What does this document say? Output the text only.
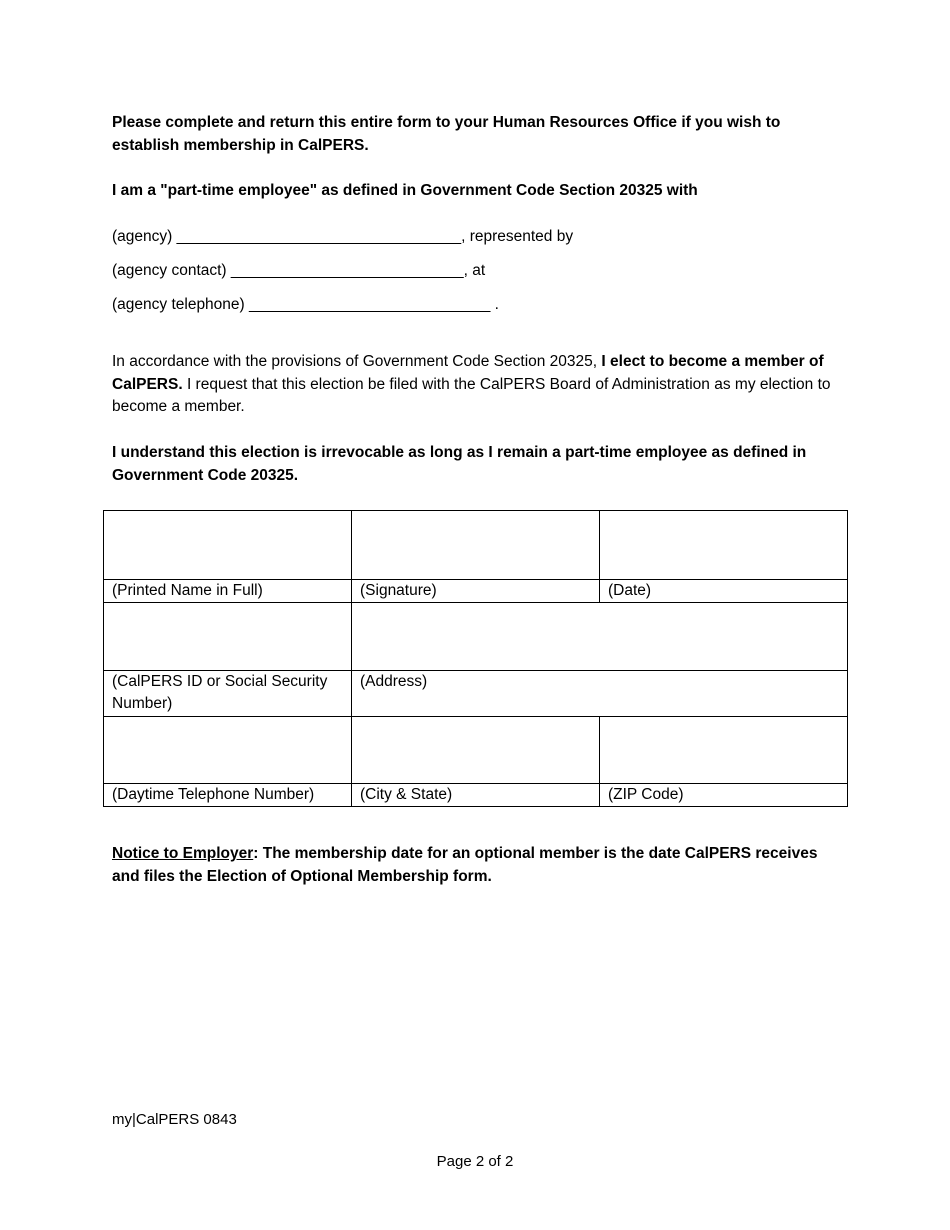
Please complete and return this entire form to your Human Resources Office if you wish to establish membership in CalPERS.

I am a "part-time employee" as defined in Government Code Section 20325 with

(agency) _________________________________, represented by
(agency contact) ___________________________, at
(agency telephone) ____________________________ .

In accordance with the provisions of Government Code Section 20325, I elect to become a member of CalPERS. I request that this election be filed with the CalPERS Board of Administration as my election to become a member.

I understand this election is irrevocable as long as I remain a part-time employee as defined in Government Code 20325.

(Printed Name in Full)	(Signature)	(Date)

(CalPERS ID or Social Security Number)	(Address)	

(Daytime Telephone Number)	(City & State)	(ZIP Code)

Notice to Employer: The membership date for an optional member is the date CalPERS receives and files the Election of Optional Membership form.

my|CalPERS 0843
Page 2 of 2
